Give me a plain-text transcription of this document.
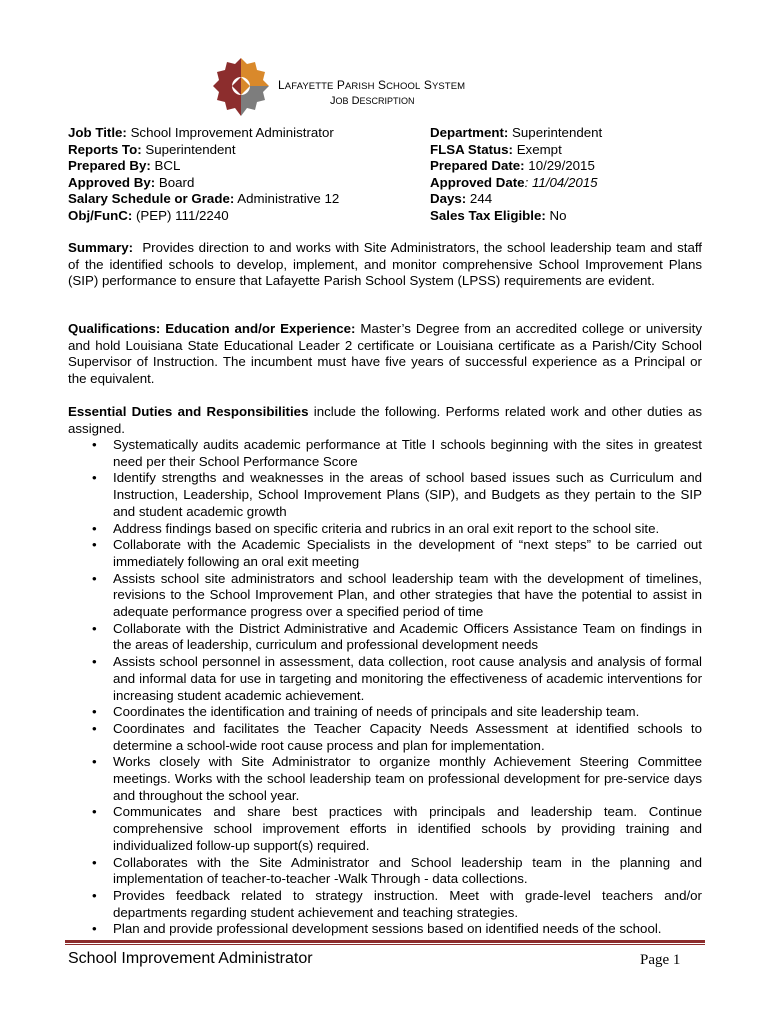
LAFAYETTE PARISH SCHOOL SYSTEM
JOB DESCRIPTION
Job Title: School Improvement Administrator
Reports To: Superintendent
Prepared By: BCL
Approved By: Board
Salary Schedule or Grade: Administrative 12
Obj/FunC: (PEP) 111/2240
Department: Superintendent
FLSA Status: Exempt
Prepared Date: 10/29/2015
Approved Date: 11/04/2015
Days: 244
Sales Tax Eligible: No
Summary: Provides direction to and works with Site Administrators, the school leadership team and staff of the identified schools to develop, implement, and monitor comprehensive School Improvement Plans (SIP) performance to ensure that Lafayette Parish School System (LPSS) requirements are evident.
Qualifications: Education and/or Experience: Master’s Degree from an accredited college or university and hold Louisiana State Educational Leader 2 certificate or Louisiana certificate as a Parish/City School Supervisor of Instruction. The incumbent must have five years of successful experience as a Principal or the equivalent.
Essential Duties and Responsibilities include the following. Performs related work and other duties as assigned.
• Systematically audits academic performance at Title I schools beginning with the sites in greatest need per their School Performance Score
• Identify strengths and weaknesses in the areas of school based issues such as Curriculum and Instruction, Leadership, School Improvement Plans (SIP), and Budgets as they pertain to the SIP and student academic growth
• Address findings based on specific criteria and rubrics in an oral exit report to the school site.
• Collaborate with the Academic Specialists in the development of “next steps” to be carried out immediately following an oral exit meeting
• Assists school site administrators and school leadership team with the development of timelines, revisions to the School Improvement Plan, and other strategies that have the potential to assist in adequate performance progress over a specified period of time
• Collaborate with the District Administrative and Academic Officers Assistance Team on findings in the areas of leadership, curriculum and professional development needs
• Assists school personnel in assessment, data collection, root cause analysis and analysis of formal and informal data for use in targeting and monitoring the effectiveness of academic interventions for increasing student academic achievement.
• Coordinates the identification and training of needs of principals and site leadership team.
• Coordinates and facilitates the Teacher Capacity Needs Assessment at identified schools to determine a school-wide root cause process and plan for implementation.
• Works closely with Site Administrator to organize monthly Achievement Steering Committee meetings. Works with the school leadership team on professional development for pre-service days and throughout the school year.
• Communicates and share best practices with principals and leadership team. Continue comprehensive school improvement efforts in identified schools by providing training and individualized follow-up support(s) required.
• Collaborates with the Site Administrator and School leadership team in the planning and implementation of teacher-to-teacher -Walk Through - data collections.
• Provides feedback related to strategy instruction. Meet with grade-level teachers and/or departments regarding student achievement and teaching strategies.
• Plan and provide professional development sessions based on identified needs of the school.
School Improvement Administrator	Page 1
